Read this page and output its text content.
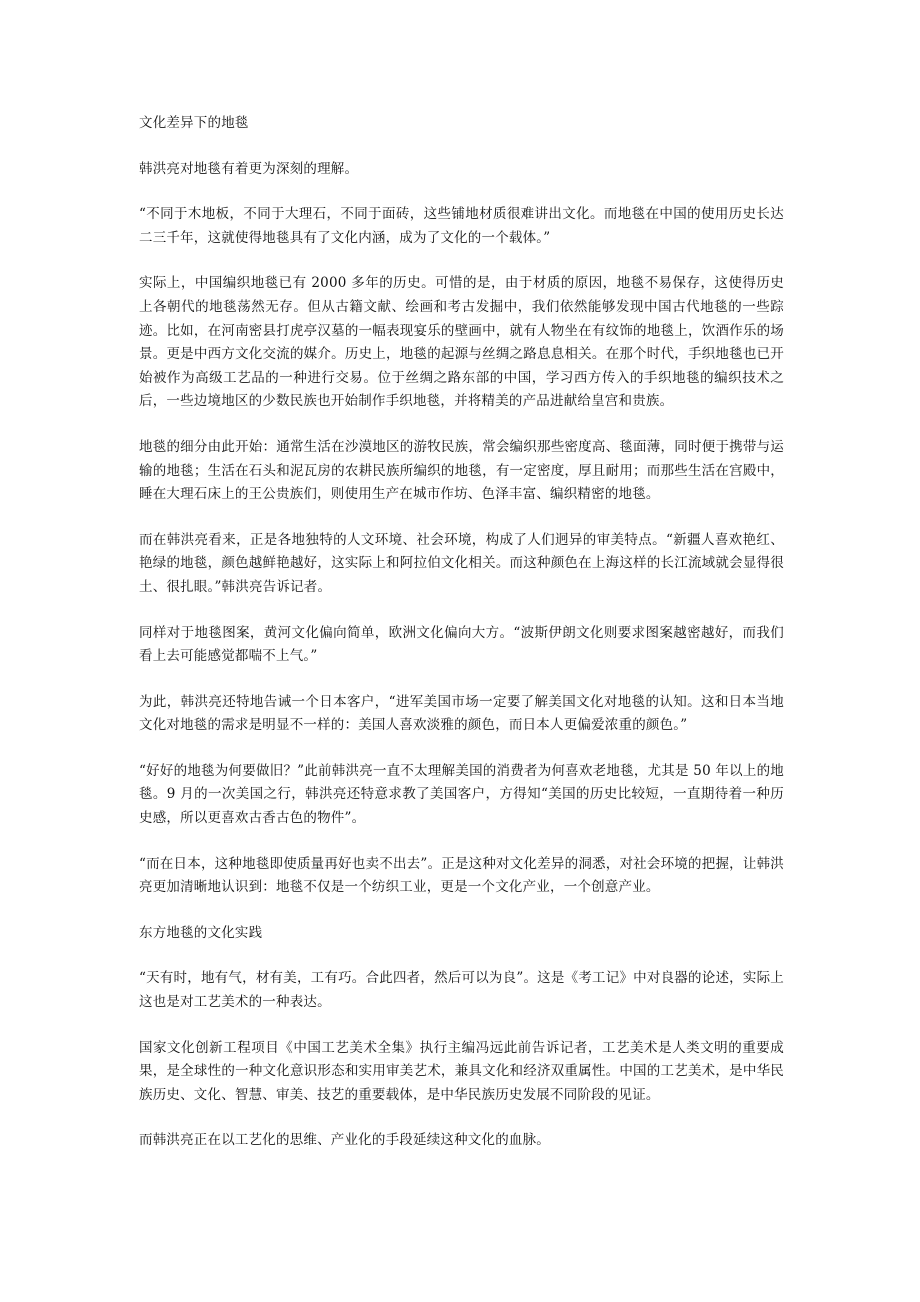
文化差异下的地毯

韩洪亮对地毯有着更为深刻的理解。

“不同于木地板，不同于大理石，不同于面砖，这些铺地材质很难讲出文化。而地毯在中国的使用历史长达二三千年，这就使得地毯具有了文化内涵，成为了文化的一个载体。”

实际上，中国编织地毯已有 2000 多年的历史。可惜的是，由于材质的原因，地毯不易保存，这使得历史上各朝代的地毯荡然无存。但从古籍文献、绘画和考古发掘中，我们依然能够发现中国古代地毯的一些踪迹。比如，在河南密县打虎亭汉墓的一幅表现宴乐的壁画中，就有人物坐在有纹饰的地毯上，饮酒作乐的场景。更是中西方文化交流的媒介。历史上，地毯的起源与丝绸之路息息相关。在那个时代，手织地毯也已开始被作为高级工艺品的一种进行交易。位于丝绸之路东部的中国，学习西方传入的手织地毯的编织技术之后，一些边境地区的少数民族也开始制作手织地毯，并将精美的产品进献给皇宫和贵族。

地毯的细分由此开始：通常生活在沙漠地区的游牧民族，常会编织那些密度高、毯面薄，同时便于携带与运输的地毯；生活在石头和泥瓦房的农耕民族所编织的地毯，有一定密度，厚且耐用；而那些生活在宫殿中，睡在大理石床上的王公贵族们，则使用生产在城市作坊、色泽丰富、编织精密的地毯。

而在韩洪亮看来，正是各地独特的人文环境、社会环境，构成了人们迥异的审美特点。“新疆人喜欢艳红、艳绿的地毯，颜色越鲜艳越好，这实际上和阿拉伯文化相关。而这种颜色在上海这样的长江流域就会显得很土、很扎眼。”韩洪亮告诉记者。

同样对于地毯图案，黄河文化偏向简单，欧洲文化偏向大方。“波斯伊朗文化则要求图案越密越好，而我们看上去可能感觉都喘不上气。”

为此，韩洪亮还特地告诫一个日本客户，“进军美国市场一定要了解美国文化对地毯的认知。这和日本当地文化对地毯的需求是明显不一样的：美国人喜欢淡雅的颜色，而日本人更偏爱浓重的颜色。”

“好好的地毯为何要做旧？”此前韩洪亮一直不太理解美国的消费者为何喜欢老地毯，尤其是 50 年以上的地毯。9 月的一次美国之行，韩洪亮还特意求教了美国客户，方得知“美国的历史比较短，一直期待着一种历史感，所以更喜欢古香古色的物件”。

“而在日本，这种地毯即使质量再好也卖不出去”。正是这种对文化差异的洞悉，对社会环境的把握，让韩洪亮更加清晰地认识到：地毯不仅是一个纺织工业，更是一个文化产业，一个创意产业。

东方地毯的文化实践

“天有时，地有气，材有美，工有巧。合此四者，然后可以为良”。这是《考工记》中对良器的论述，实际上这也是对工艺美术的一种表达。

国家文化创新工程项目《中国工艺美术全集》执行主编冯远此前告诉记者，工艺美术是人类文明的重要成果，是全球性的一种文化意识形态和实用审美艺术，兼具文化和经济双重属性。中国的工艺美术，是中华民族历史、文化、智慧、审美、技艺的重要载体，是中华民族历史发展不同阶段的见证。

而韩洪亮正在以工艺化的思维、产业化的手段延续这种文化的血脉。
